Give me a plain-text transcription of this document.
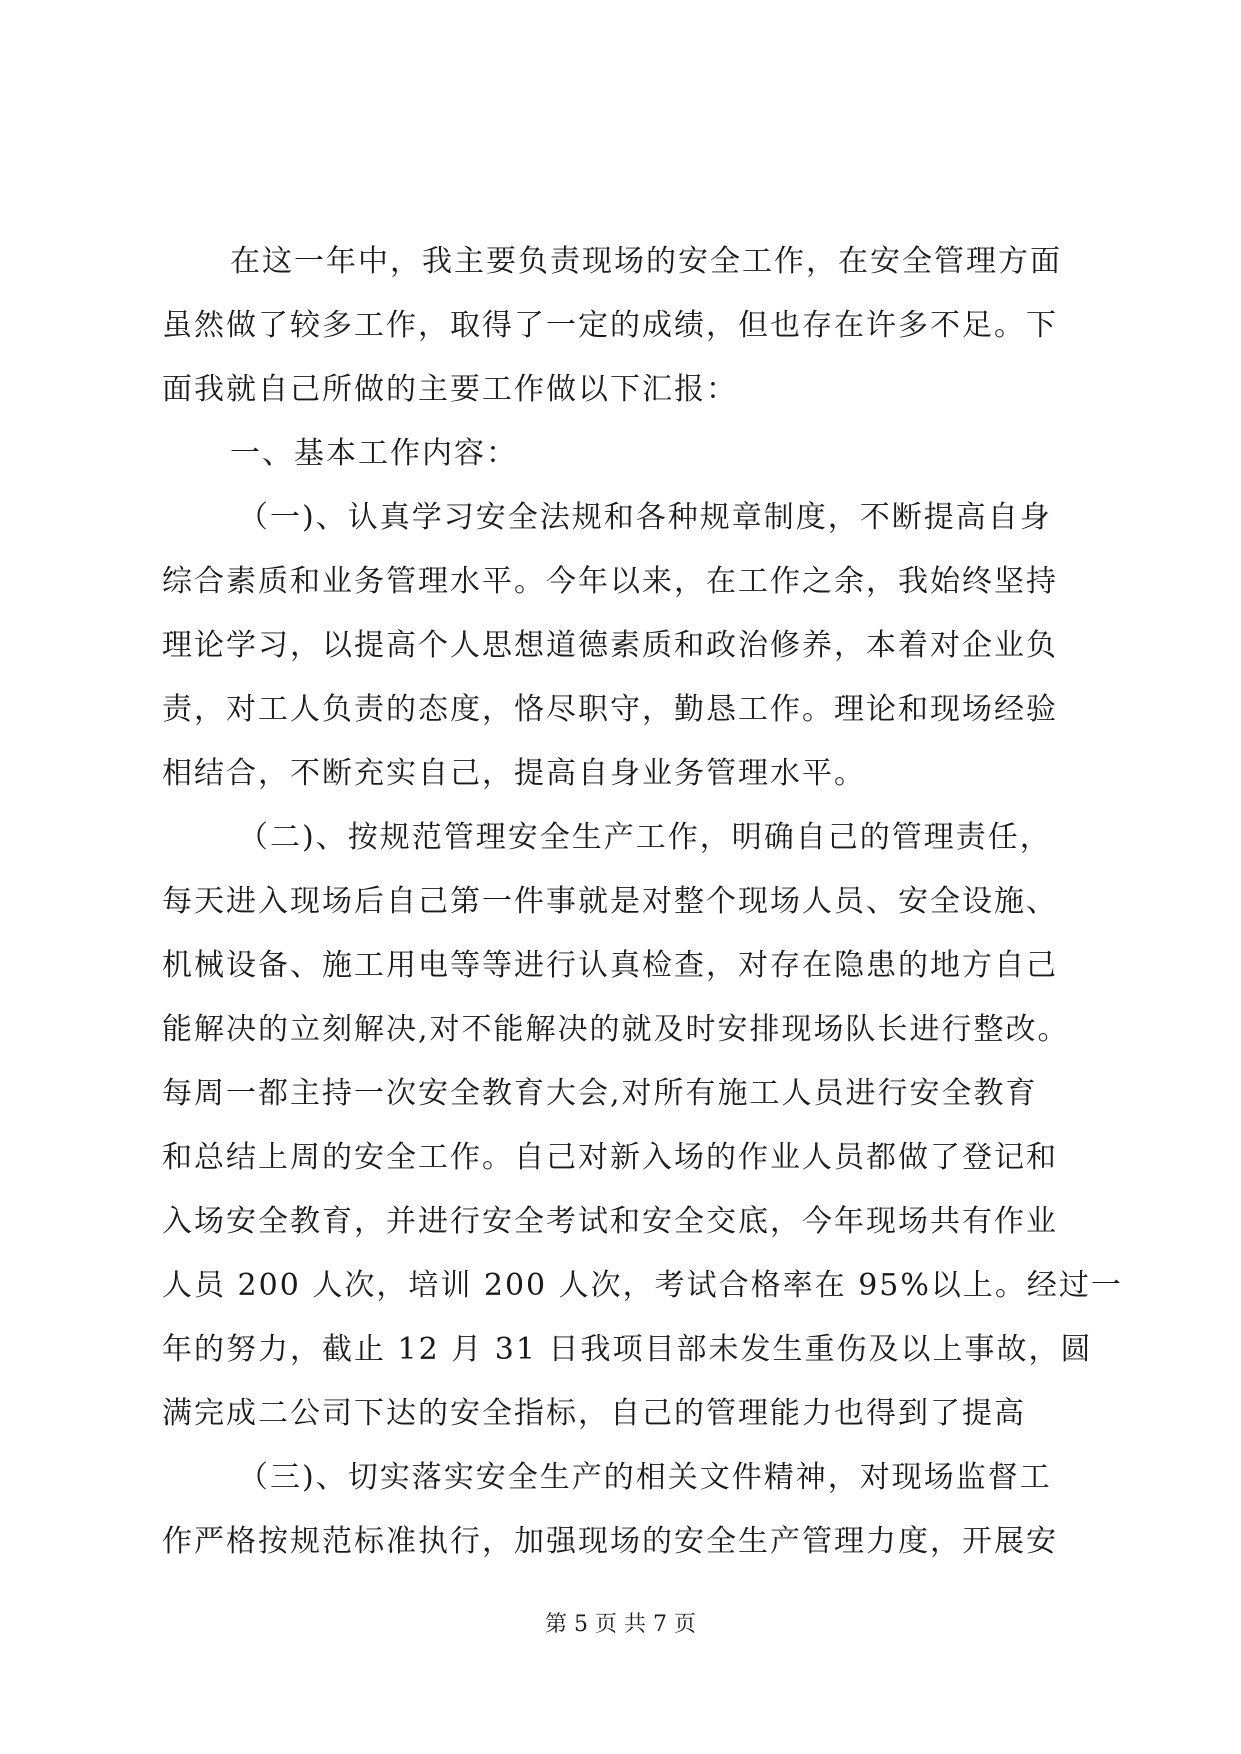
在这一年中，我主要负责现场的安全工作，在安全管理方面
虽然做了较多工作，取得了一定的成绩，但也存在许多不足。下
面我就自己所做的主要工作做以下汇报：
一、基本工作内容：
（一)、认真学习安全法规和各种规章制度，不断提高自身
综合素质和业务管理水平。今年以来，在工作之余，我始终坚持
理论学习，以提高个人思想道德素质和政治修养，本着对企业负
责，对工人负责的态度，恪尽职守，勤恳工作。理论和现场经验
相结合，不断充实自己，提高自身业务管理水平。
（二)、按规范管理安全生产工作，明确自己的管理责任，
每天进入现场后自己第一件事就是对整个现场人员、安全设施、
机械设备、施工用电等等进行认真检查，对存在隐患的地方自己
能解决的立刻解决,对不能解决的就及时安排现场队长进行整改。
每周一都主持一次安全教育大会,对所有施工人员进行安全教育
和总结上周的安全工作。自己对新入场的作业人员都做了登记和
入场安全教育，并进行安全考试和安全交底，今年现场共有作业
人员 200 人次，培训 200 人次，考试合格率在 95%以上。经过一
年的努力，截止 12 月 31 日我项目部未发生重伤及以上事故，圆
满完成二公司下达的安全指标，自己的管理能力也得到了提高
（三)、切实落实安全生产的相关文件精神，对现场监督工
作严格按规范标准执行，加强现场的安全生产管理力度，开展安
第 5 页 共 7 页
